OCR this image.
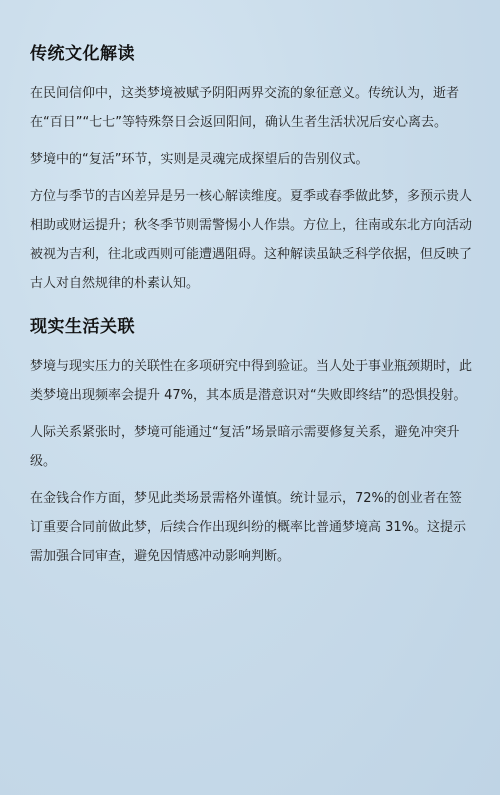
传统文化解读

在民间信仰中，这类梦境被赋予阴阳两界交流的象征意义。传统认为，逝者在“百日”“七七”等特殊祭日会返回阳间，确认生者生活状况后安心离去。

梦境中的“复活”环节，实则是灵魂完成探望后的告别仪式。

方位与季节的吉凶差异是另一核心解读维度。夏季或春季做此梦，多预示贵人相助或财运提升；秋冬季节则需警惕小人作祟。方位上，往南或东北方向活动被视为吉利，往北或西则可能遭遇阻碍。这种解读虽缺乏科学依据，但反映了古人对自然规律的朴素认知。

现实生活关联

梦境与现实压力的关联性在多项研究中得到验证。当人处于事业瓶颈期时，此类梦境出现频率会提升 47%，其本质是潜意识对“失败即终结”的恐惧投射。

人际关系紧张时，梦境可能通过“复活”场景暗示需要修复关系，避免冲突升级。

在金钱合作方面，梦见此类场景需格外谨慎。统计显示，72%的创业者在签订重要合同前做此梦，后续合作出现纠纷的概率比普通梦境高 31%。这提示需加强合同审查，避免因情感冲动影响判断。
